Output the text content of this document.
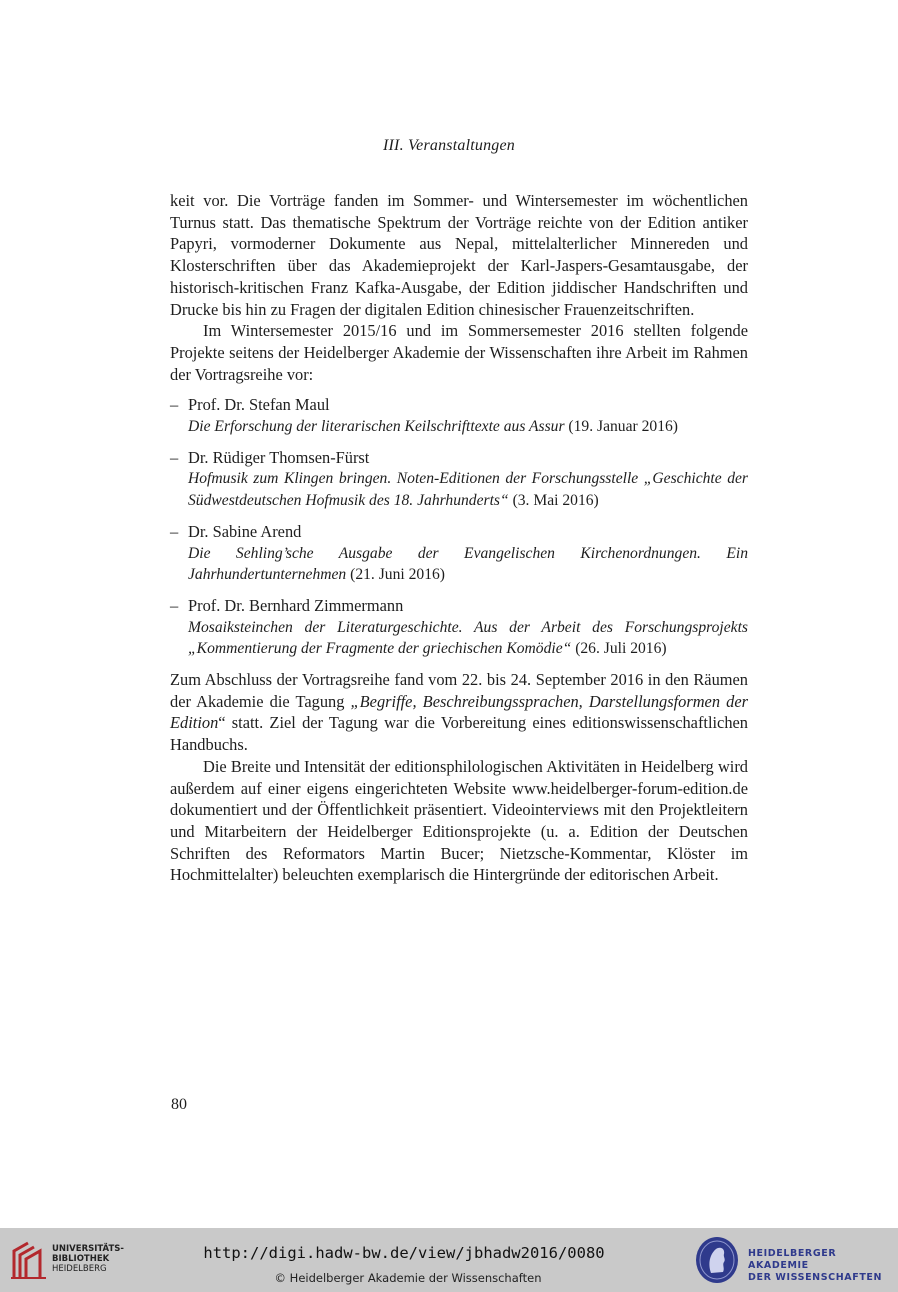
III. Veranstaltungen

keit vor. Die Vorträge fanden im Sommer- und Wintersemester im wöchentlichen Turnus statt. Das thematische Spektrum der Vorträge reichte von der Edition antiker Papyri, vormoderner Dokumente aus Nepal, mittelalterlicher Minnereden und Klosterschriften über das Akademieprojekt der Karl-Jaspers-Gesamtausgabe, der historisch-kritischen Franz Kafka-Ausgabe, der Edition jiddischer Handschriften und Drucke bis hin zu Fragen der digitalen Edition chinesischer Frauenzeitschriften.

Im Wintersemester 2015/16 und im Sommersemester 2016 stellten folgende Projekte seitens der Heidelberger Akademie der Wissenschaften ihre Arbeit im Rahmen der Vortragsreihe vor:

– Prof. Dr. Stefan Maul
Die Erforschung der literarischen Keilschrifttexte aus Assur (19. Januar 2016)
– Dr. Rüdiger Thomsen-Fürst
Hofmusik zum Klingen bringen. Noten-Editionen der Forschungsstelle „Geschichte der Südwestdeutschen Hofmusik des 18. Jahrhunderts“ (3. Mai 2016)
– Dr. Sabine Arend
Die Sehling’sche Ausgabe der Evangelischen Kirchenordnungen. Ein Jahrhundertunternehmen (21. Juni 2016)
– Prof. Dr. Bernhard Zimmermann
Mosaiksteinchen der Literaturgeschichte. Aus der Arbeit des Forschungsprojekts „Kommentierung der Fragmente der griechischen Komödie“ (26. Juli 2016)

Zum Abschluss der Vortragsreihe fand vom 22. bis 24. September 2016 in den Räumen der Akademie die Tagung „Begriffe, Beschreibungssprachen, Darstellungsformen der Edition“ statt. Ziel der Tagung war die Vorbereitung eines editionswissenschaftlichen Handbuchs.

Die Breite und Intensität der editionsphilologischen Aktivitäten in Heidelberg wird außerdem auf einer eigens eingerichteten Website www.heidelberger-forum-edition.de dokumentiert und der Öffentlichkeit präsentiert. Videointerviews mit den Projektleitern und Mitarbeitern der Heidelberger Editionsprojekte (u. a. Edition der Deutschen Schriften des Reformators Martin Bucer; Nietzsche-Kommentar, Klöster im Hochmittelalter) beleuchten exemplarisch die Hintergründe der editorischen Arbeit.

80
UNIVERSITÄTS-
BIBLIOTHEK
HEIDELBERG
http://digi.hadw-bw.de/view/jbhadw2016/0080
© Heidelberger Akademie der Wissenschaften
HEIDELBERGER AKADEMIE
DER WISSENSCHAFTEN
